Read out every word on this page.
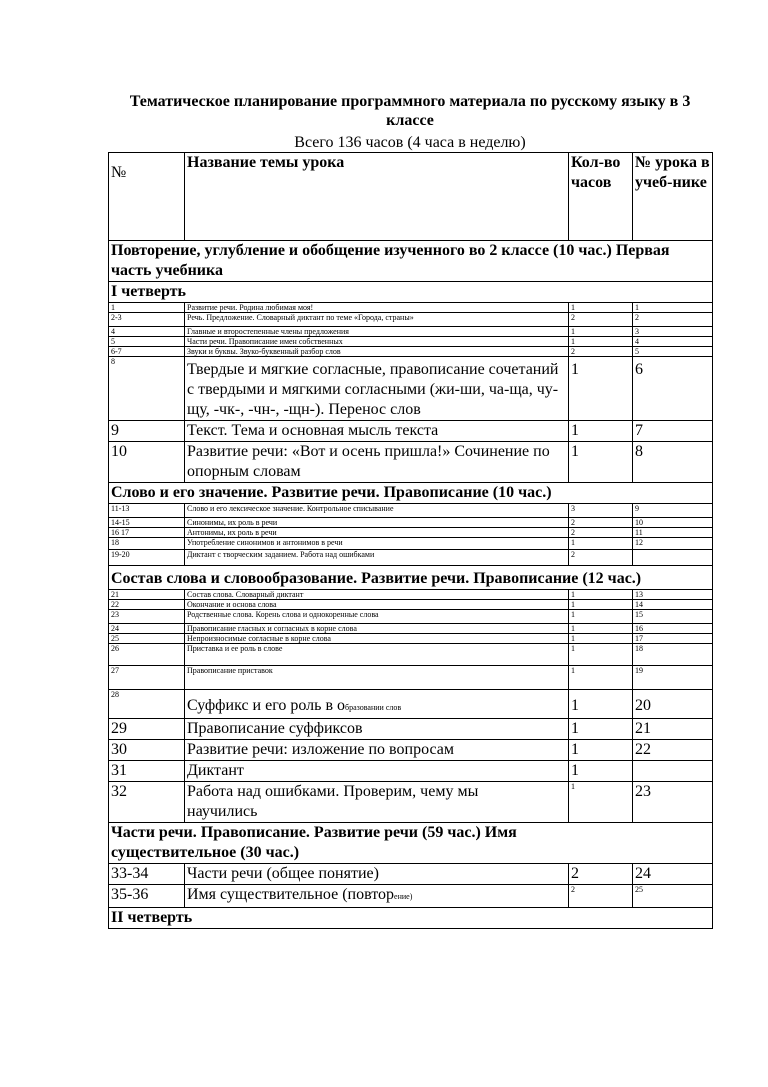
Тематическое планирование программного материала по русскому языку в 3 классе
Всего 136 часов (4 часа в неделю)
№	Название темы урока	Кол-во часов	№ урока в учеб-нике
Повторение, углубление и обобщение изученного во 2 классе (10 час.) Первая часть учебника			
I четверть			
1	Развитие речи. Родина любимая моя!	1	1
2-3	Речь. Предложение. Словарный диктант по теме «Города, страны»	2	2
4	Главные и второстепенные члены предложения	1	3
5	Части речи. Правописание имен собственных	1	4
6-7	Звуки и буквы. Звуко-буквенный разбор слов	2	5
8	Твердые и мягкие согласные, правописание сочетаний с твердыми и мягкими согласными (жи-ши, ча-ща, чу-щу, -чк-, -чн-, -щн-). Перенос слов	1	6
9	Текст. Тема и основная мысль текста	1	7
10	Развитие речи: «Вот и осень пришла!» Сочинение по опорным словам	1	8
Слово и его значение. Развитие речи. Правописание (10 час.)			
11-13	Слово и его лексическое значение. Контрольное списывание	3	9
14-15	Синонимы, их роль в речи	2	10
16 17	Антонимы, их роль в речи	2	11
18	Употребление синонимов и антонимов в речи	1	12
19-20	Диктант с творческим заданием. Работа над ошибками	2	
Состав слова и словообразование. Развитие речи. Правописание (12 час.)			
21	Состав слова. Словарный диктант	1	13
22	Окончание и основа слова	1	14
23	Родственные слова. Корень слова и однокоренные слова	1	15
24	Правописание гласных и согласных в корне слова	1	16
25	Непроизносимые согласные в корне слова	1	17
26	Приставка и ее роль в слове	1	18
27	Правописание приставок	1	19
28	Суффикс и его роль в образовании слов	1	20
29	Правописание суффиксов	1	21
30	Развитие речи: изложение по вопросам	1	22
31	Диктант	1	
32	Работа над ошибками. Проверим, чему мы научились	1	23
Части речи. Правописание. Развитие речи (59 час.) Имя существительное (30 час.)			
33-34	Части речи (общее понятие)	2	24
35-36	Имя существительное (повторение)	2	25
II четверть			
